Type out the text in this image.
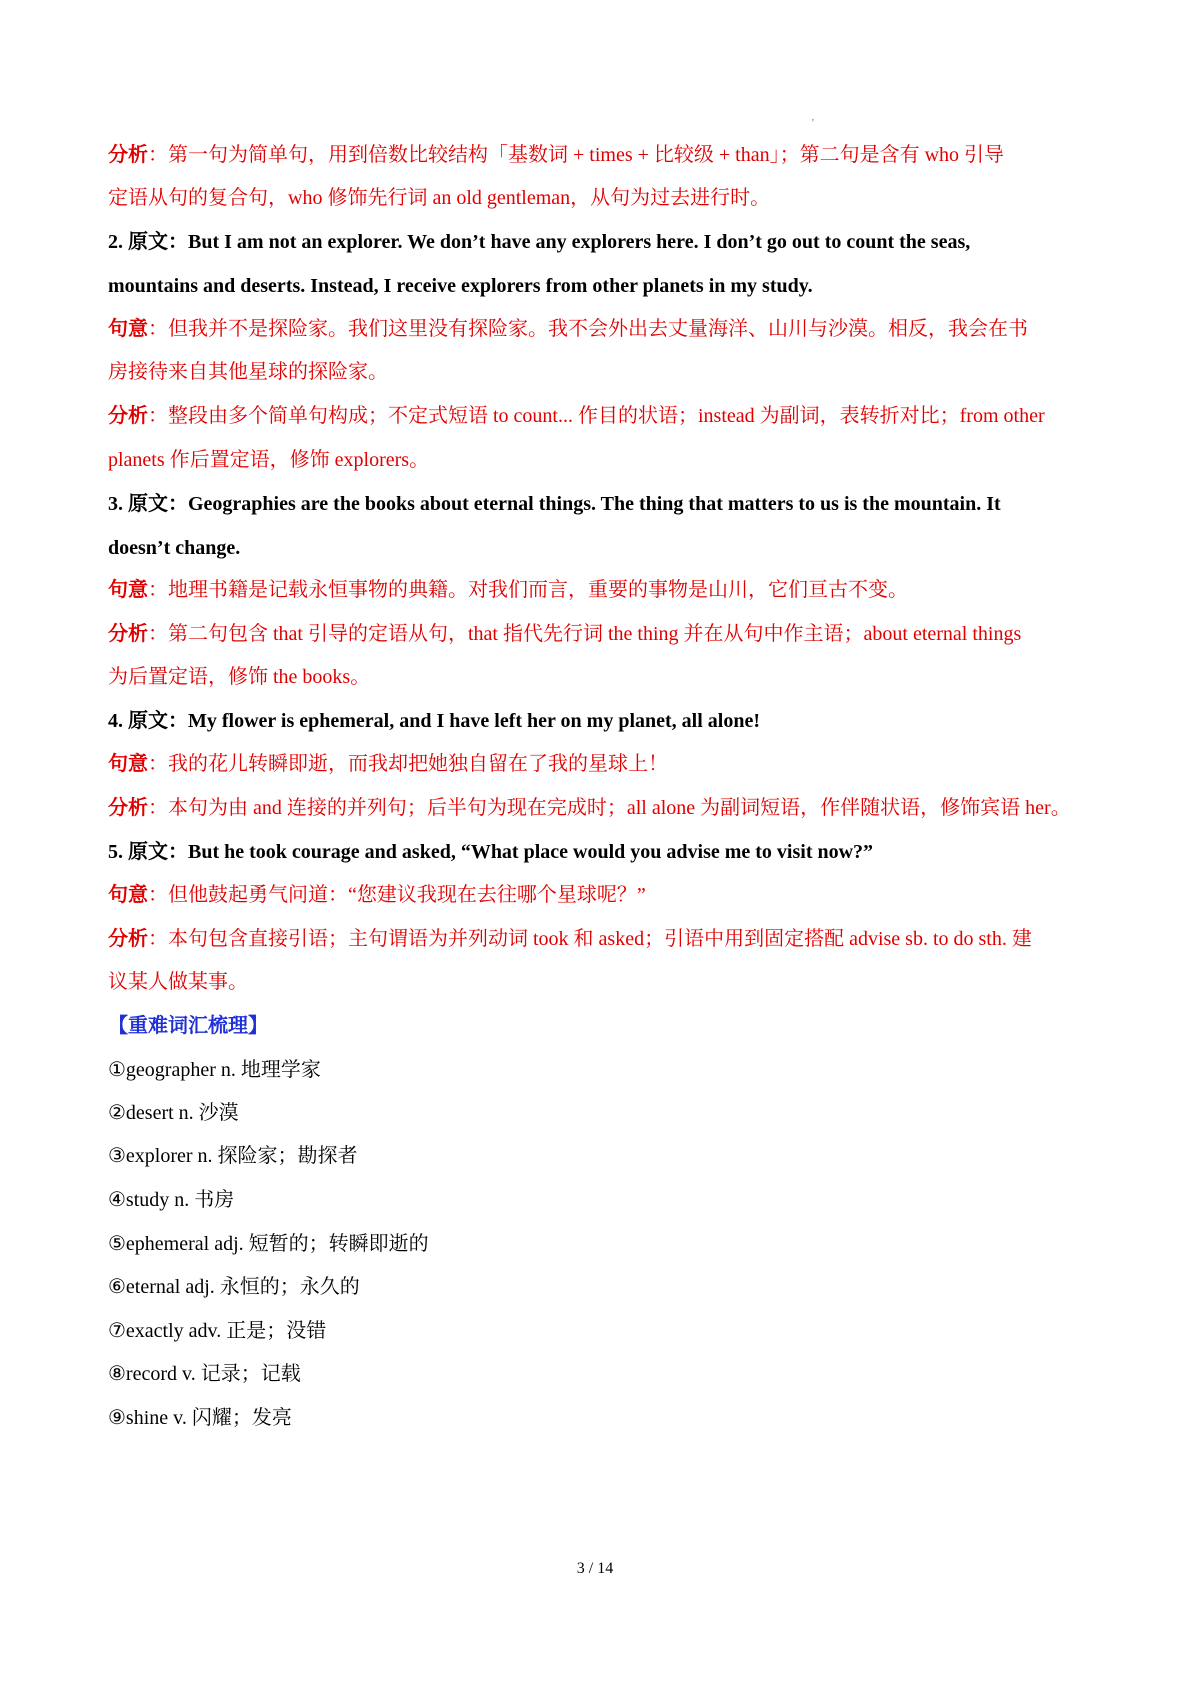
'
分析：第一句为简单句，用到倍数比较结构「基数词 + times + 比较级 + than」；第二句是含有 who 引导
定语从句的复合句，who 修饰先行词 an old gentleman，从句为过去进行时。
2. 原文：But I am not an explorer. We don’t have any explorers here. I don’t go out to count the seas,
mountains and deserts. Instead, I receive explorers from other planets in my study.
句意：但我并不是探险家。我们这里没有探险家。我不会外出去丈量海洋、山川与沙漠。相反，我会在书
房接待来自其他星球的探险家。
分析：整段由多个简单句构成；不定式短语 to count... 作目的状语；instead 为副词，表转折对比；from other
planets 作后置定语，修饰 explorers。
3. 原文：Geographies are the books about eternal things. The thing that matters to us is the mountain. It
doesn’t change.
句意：地理书籍是记载永恒事物的典籍。对我们而言，重要的事物是山川，它们亘古不变。
分析：第二句包含 that 引导的定语从句，that 指代先行词 the thing 并在从句中作主语；about eternal things
为后置定语，修饰 the books。
4. 原文：My flower is ephemeral, and I have left her on my planet, all alone!
句意：我的花儿转瞬即逝，而我却把她独自留在了我的星球上！
分析：本句为由 and 连接的并列句；后半句为现在完成时；all alone 为副词短语，作伴随状语，修饰宾语 her。
5. 原文：But he took courage and asked, “What place would you advise me to visit now?”
句意：但他鼓起勇气问道：“您建议我现在去往哪个星球呢？”
分析：本句包含直接引语；主句谓语为并列动词 took 和 asked；引语中用到固定搭配 advise sb. to do sth. 建
议某人做某事。
【重难词汇梳理】
①geographer n. 地理学家
②desert n. 沙漠
③explorer n. 探险家；勘探者
④study n. 书房
⑤ephemeral adj. 短暂的；转瞬即逝的
⑥eternal adj. 永恒的；永久的
⑦exactly adv. 正是；没错
⑧record v. 记录；记载
⑨shine v. 闪耀；发亮
3 / 14
